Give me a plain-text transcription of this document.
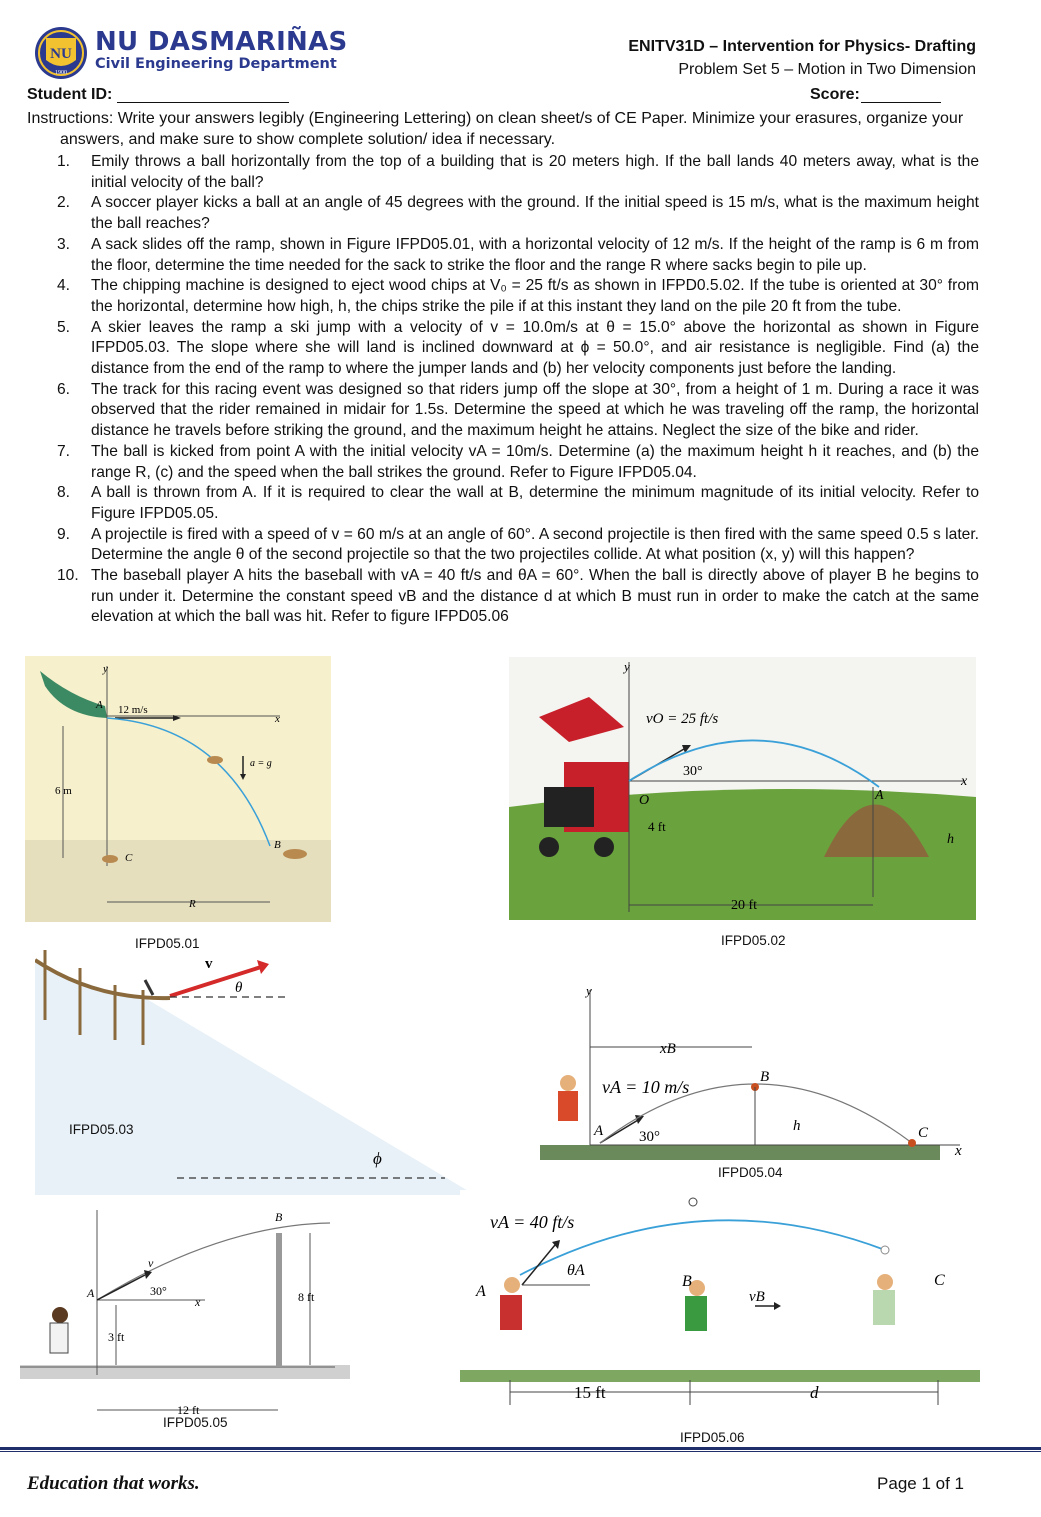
NU
1900
NU DASMARIÑAS
Civil Engineering Department
ENITV31D – Intervention for Physics- Drafting
Problem Set 5 – Motion in Two Dimension
Student ID:	Score:
Instructions: Write your answers legibly (Engineering Lettering) on clean sheet/s of CE Paper. Minimize your erasures, organize your answers, and make sure to show complete solution/ idea if necessary.
1.	Emily throws a ball horizontally from the top of a building that is 20 meters high. If the ball lands 40 meters away, what is the initial velocity of the ball?
2.	A soccer player kicks a ball at an angle of 45 degrees with the ground. If the initial speed is 15 m/s, what is the maximum height the ball reaches?
3.	A sack slides off the ramp, shown in Figure IFPD05.01, with a horizontal velocity of 12 m/s. If the height of the ramp is 6 m from the floor, determine the time needed for the sack to strike the floor and the range R where sacks begin to pile up.
4.	The chipping machine is designed to eject wood chips at V₀ = 25 ft/s as shown in IFPD0.5.02. If the tube is oriented at 30° from the horizontal, determine how high, h, the chips strike the pile if at this instant they land on the pile 20 ft from the tube.
5.	A skier leaves the ramp a ski jump with a velocity of v = 10.0m/s at θ = 15.0° above the horizontal as shown in Figure IFPD05.03. The slope where she will land is inclined downward at ϕ = 50.0°, and air resistance is negligible. Find (a) the distance from the end of the ramp to where the jumper lands and (b) her velocity components just before the landing.
6.	The track for this racing event was designed so that riders jump off the slope at 30°, from a height of 1 m. During a race it was observed that the rider remained in midair for 1.5s. Determine the speed at which he was traveling off the ramp, the horizontal distance he travels before striking the ground, and the maximum height he attains. Neglect the size of the bike and rider.
7.	The ball is kicked from point A with the initial velocity vA = 10m/s. Determine (a) the maximum height h it reaches, and (b) the range R, (c) and the speed when the ball strikes the ground. Refer to Figure IFPD05.04.
8.	A ball is thrown from A. If it is required to clear the wall at B, determine the minimum magnitude of its initial velocity. Refer to Figure IFPD05.05.
9.	A projectile is fired with a speed of v = 60 m/s at an angle of 60°. A second projectile is then fired with the same speed 0.5 s later. Determine the angle θ of the second projectile so that the two projectiles collide. At what position (x, y) will this happen?
10. The baseball player A hits the baseball with vA = 40 ft/s and θA = 60°. When the ball is directly above of player B he begins to run under it. Determine the constant speed vB and the distance d at which B must run in order to make the catch at the same elevation at which the ball was hit. Refer to figure IFPD05.06
y
x
12 m/s
a = g
6 m
A
B
C
R
IFPD05.01
y
x
vO = 25 ft/s
30°
O	A
4 ft
h
20 ft
IFPD05.02
v⃗
θ
ϕ
IFPD05.03
y
x
xB
vA = 10 m/s
30°
A
B
C
h
IFPD05.04
v
30°
A
B
x
3 ft
8 ft
12 ft
IFPD05.05
vA = 40 ft/s
θA
A
B	C
vB
15 ft	d
IFPD05.06
Education that works.	Page 1 of 1
